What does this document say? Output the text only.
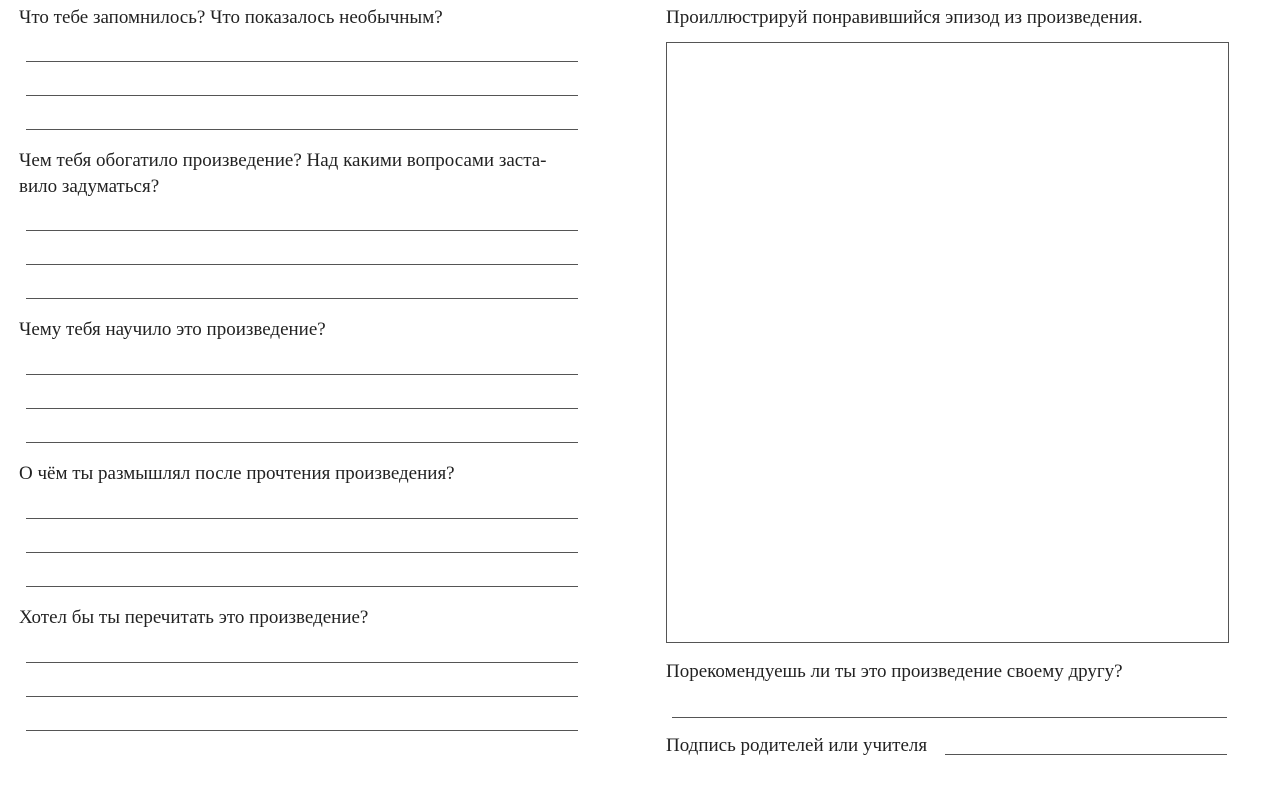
Что тебе запомнилось? Что показалось необычным?
Чем тебя обогатило произведение? Над какими вопросами заста-
вило задуматься?
Чему тебя научило это произведение?
О чём ты размышлял после прочтения произведения?
Хотел бы ты перечитать это произведение?
Проиллюстрируй понравившийся эпизод из произведения.
Порекомендуешь ли ты это произведение своему другу?
Подпись родителей или учителя
